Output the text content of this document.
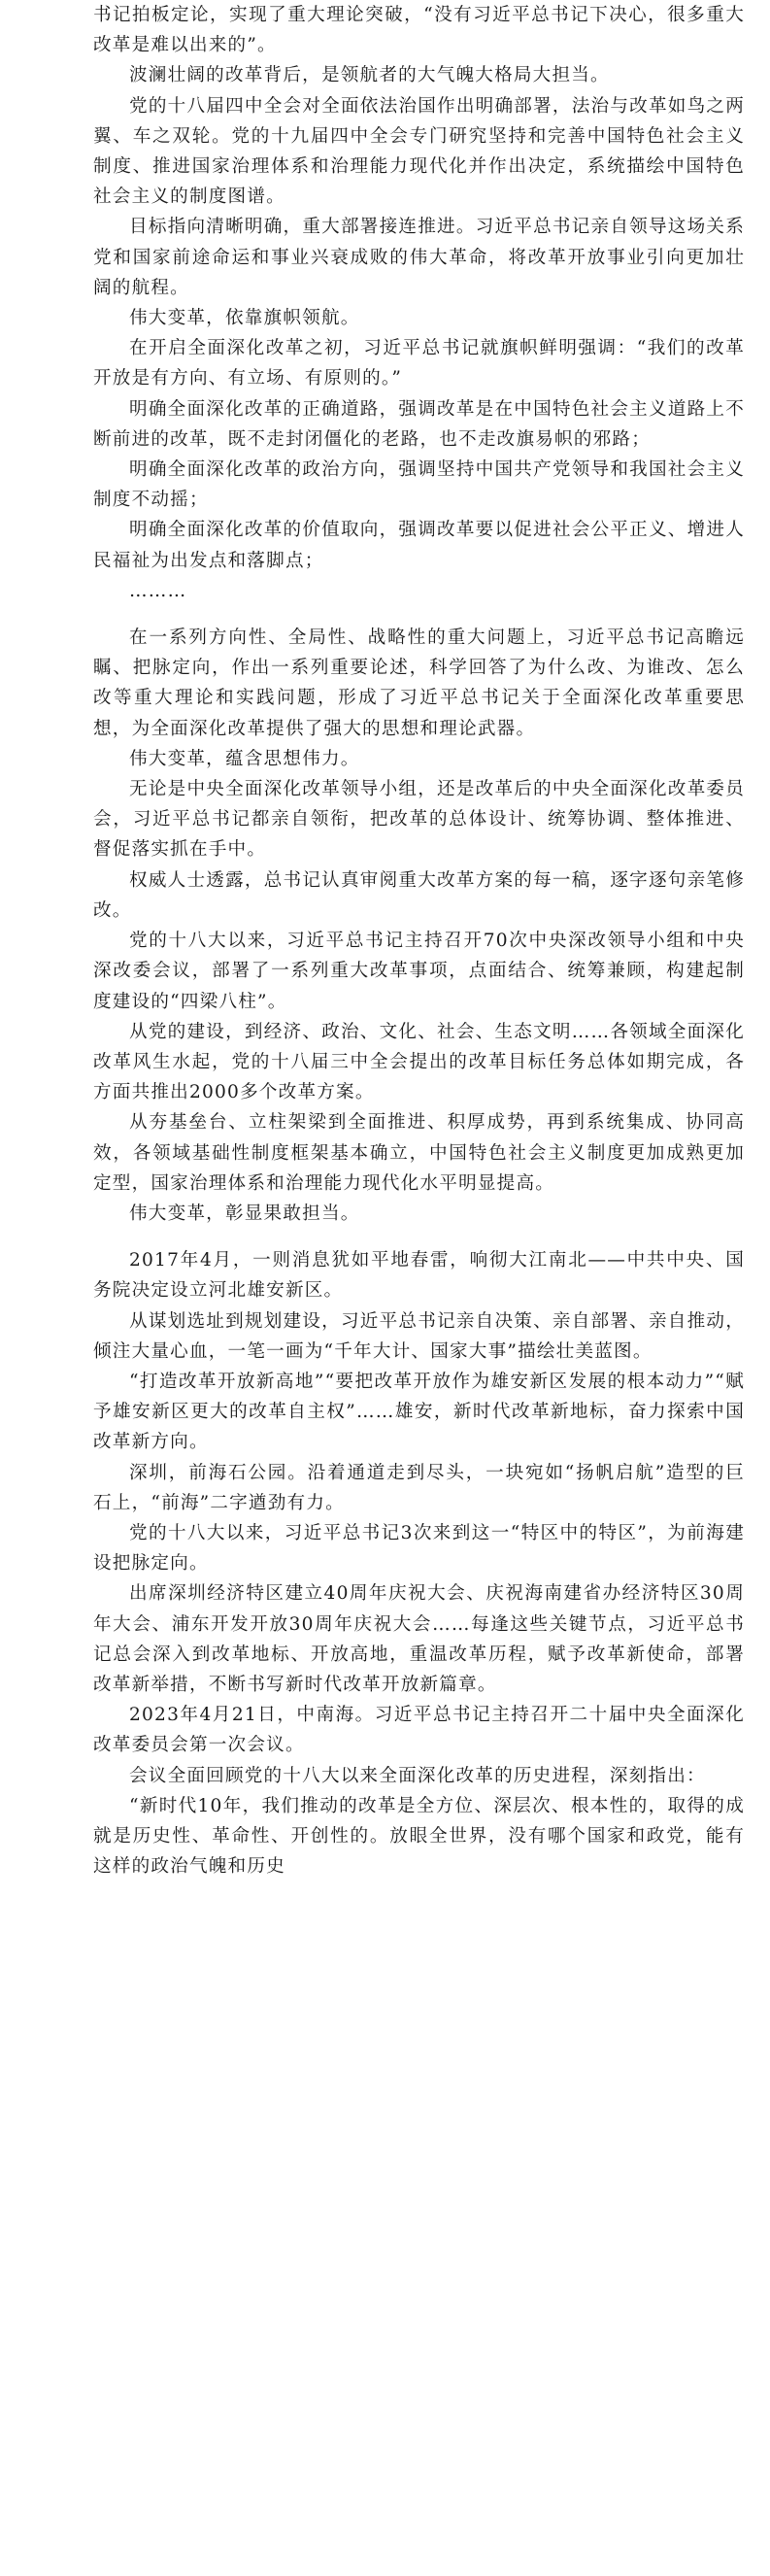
书记拍板定论，实现了重大理论突破，“没有习近平总书记下决心，很多重大改革是难以出来的”。

波澜壮阔的改革背后，是领航者的大气魄大格局大担当。

党的十八届四中全会对全面依法治国作出明确部署，法治与改革如鸟之两翼、车之双轮。党的十九届四中全会专门研究坚持和完善中国特色社会主义制度、推进国家治理体系和治理能力现代化并作出决定，系统描绘中国特色社会主义的制度图谱。

目标指向清晰明确，重大部署接连推进。习近平总书记亲自领导这场关系党和国家前途命运和事业兴衰成败的伟大革命，将改革开放事业引向更加壮阔的航程。

伟大变革，依靠旗帜领航。

在开启全面深化改革之初，习近平总书记就旗帜鲜明强调：“我们的改革开放是有方向、有立场、有原则的。”

明确全面深化改革的正确道路，强调改革是在中国特色社会主义道路上不断前进的改革，既不走封闭僵化的老路，也不走改旗易帜的邪路；

明确全面深化改革的政治方向，强调坚持中国共产党领导和我国社会主义制度不动摇；

明确全面深化改革的价值取向，强调改革要以促进社会公平正义、增进人民福祉为出发点和落脚点；

………

在一系列方向性、全局性、战略性的重大问题上，习近平总书记高瞻远瞩、把脉定向，作出一系列重要论述，科学回答了为什么改、为谁改、怎么改等重大理论和实践问题，形成了习近平总书记关于全面深化改革重要思想，为全面深化改革提供了强大的思想和理论武器。

伟大变革，蕴含思想伟力。

无论是中央全面深化改革领导小组，还是改革后的中央全面深化改革委员会，习近平总书记都亲自领衔，把改革的总体设计、统筹协调、整体推进、督促落实抓在手中。

权威人士透露，总书记认真审阅重大改革方案的每一稿，逐字逐句亲笔修改。

党的十八大以来，习近平总书记主持召开70次中央深改领导小组和中央深改委会议，部署了一系列重大改革事项，点面结合、统筹兼顾，构建起制度建设的“四梁八柱”。

从党的建设，到经济、政治、文化、社会、生态文明……各领域全面深化改革风生水起，党的十八届三中全会提出的改革目标任务总体如期完成，各方面共推出2000多个改革方案。

从夯基垒台、立柱架梁到全面推进、积厚成势，再到系统集成、协同高效，各领域基础性制度框架基本确立，中国特色社会主义制度更加成熟更加定型，国家治理体系和治理能力现代化水平明显提高。

伟大变革，彰显果敢担当。

2017年4月，一则消息犹如平地春雷，响彻大江南北——中共中央、国务院决定设立河北雄安新区。

从谋划选址到规划建设，习近平总书记亲自决策、亲自部署、亲自推动，倾注大量心血，一笔一画为“千年大计、国家大事”描绘壮美蓝图。

“打造改革开放新高地”“要把改革开放作为雄安新区发展的根本动力”“赋予雄安新区更大的改革自主权”……雄安，新时代改革新地标，奋力探索中国改革新方向。

深圳，前海石公园。沿着通道走到尽头，一块宛如“扬帆启航”造型的巨石上，“前海”二字遒劲有力。

党的十八大以来，习近平总书记3次来到这一“特区中的特区”，为前海建设把脉定向。

出席深圳经济特区建立40周年庆祝大会、庆祝海南建省办经济特区30周年大会、浦东开发开放30周年庆祝大会……每逢这些关键节点，习近平总书记总会深入到改革地标、开放高地，重温改革历程，赋予改革新使命，部署改革新举措，不断书写新时代改革开放新篇章。

2023年4月21日，中南海。习近平总书记主持召开二十届中央全面深化改革委员会第一次会议。

会议全面回顾党的十八大以来全面深化改革的历史进程，深刻指出：

“新时代10年，我们推动的改革是全方位、深层次、根本性的，取得的成就是历史性、革命性、开创性的。放眼全世界，没有哪个国家和政党，能有这样的政治气魄和历史
